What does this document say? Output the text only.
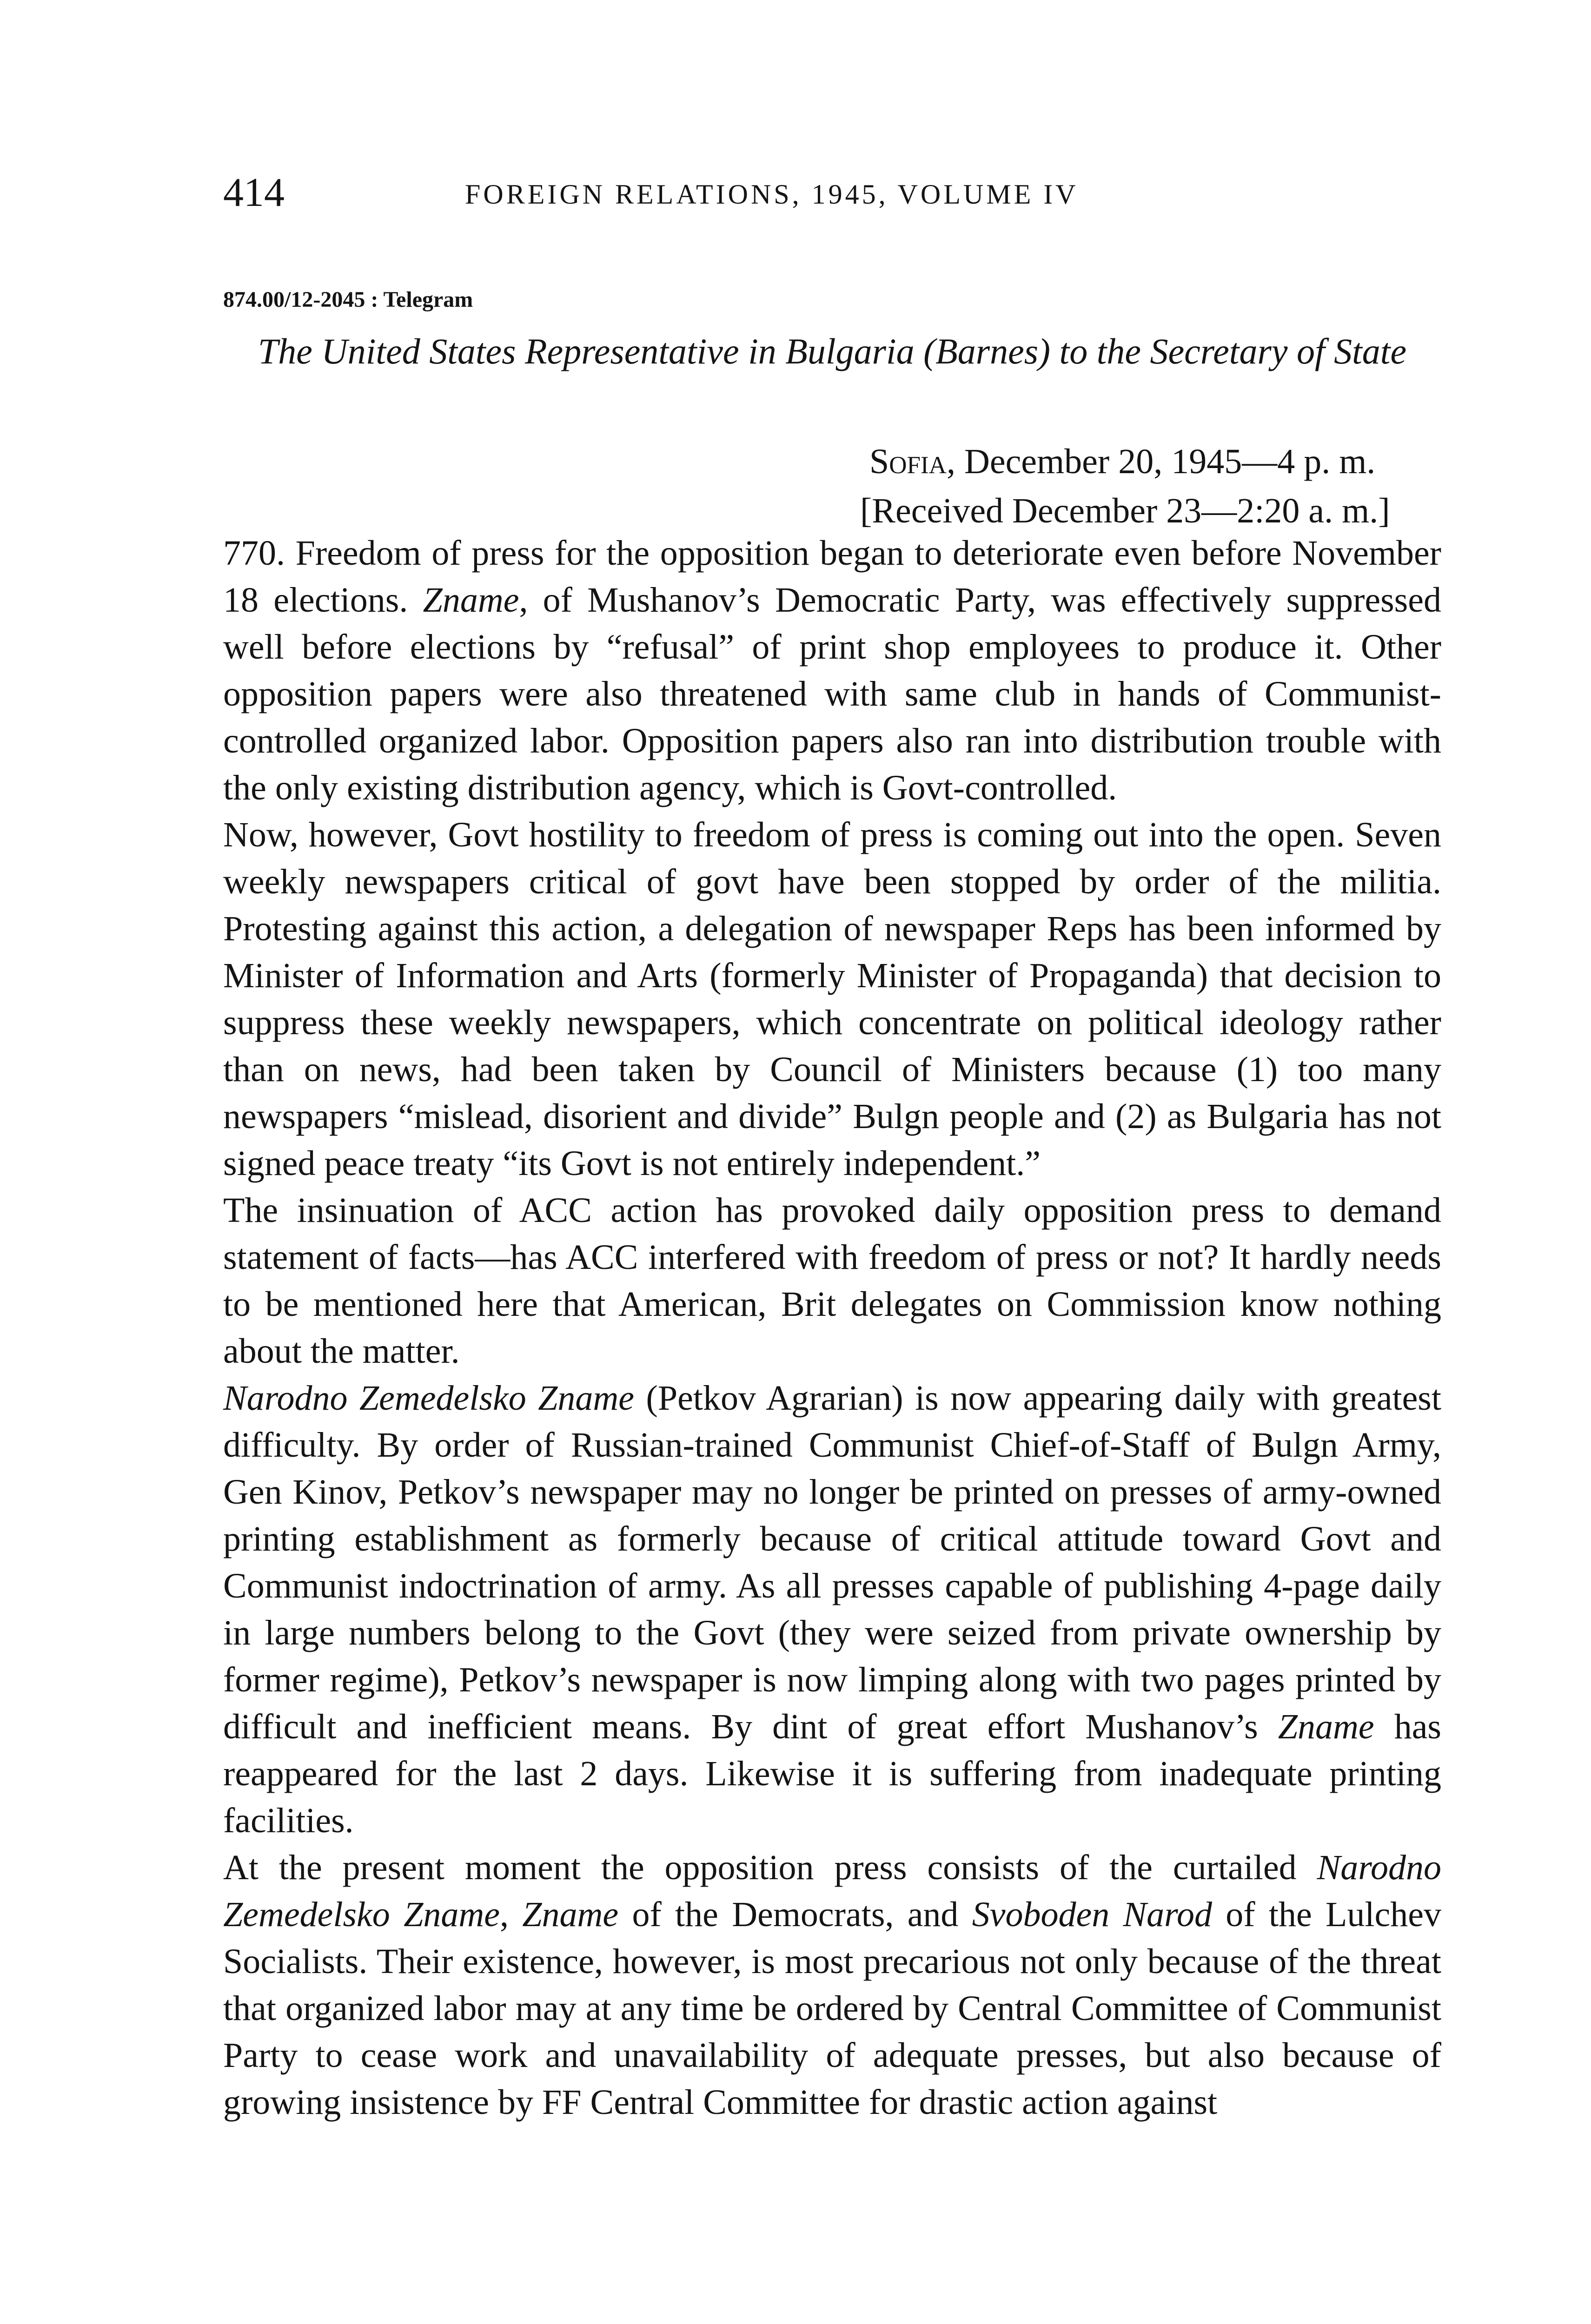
414	FOREIGN RELATIONS, 1945, VOLUME IV
874.00/12-2045 : Telegram
The United States Representative in Bulgaria (Barnes) to the Secretary of State
Sofia, December 20, 1945—4 p. m.
[Received December 23—2:20 a. m.]

770. Freedom of press for the opposition began to deteriorate even before November 18 elections. Zname, of Mushanov’s Democratic Party, was effectively suppressed well before elections by “refusal” of print shop employees to produce it. Other opposition papers were also threatened with same club in hands of Communist-controlled organized labor. Opposition papers also ran into distribution trouble with the only existing distribution agency, which is Govt-controlled.

Now, however, Govt hostility to freedom of press is coming out into the open. Seven weekly newspapers critical of govt have been stopped by order of the militia. Protesting against this action, a delegation of newspaper Reps has been informed by Minister of Information and Arts (formerly Minister of Propaganda) that decision to suppress these weekly newspapers, which concentrate on political ideology rather than on news, had been taken by Council of Ministers because (1) too many newspapers “mislead, disorient and divide” Bulgn people and (2) as Bulgaria has not signed peace treaty “its Govt is not entirely independent.”

The insinuation of ACC action has provoked daily opposition press to demand statement of facts—has ACC interfered with freedom of press or not? It hardly needs to be mentioned here that American, Brit delegates on Commission know nothing about the matter.

Narodno Zemedelsko Zname (Petkov Agrarian) is now appearing daily with greatest difficulty. By order of Russian-trained Communist Chief-of-Staff of Bulgn Army, Gen Kinov, Petkov’s newspaper may no longer be printed on presses of army-owned printing establishment as formerly because of critical attitude toward Govt and Communist indoctrination of army. As all presses capable of publishing 4-page daily in large numbers belong to the Govt (they were seized from private ownership by former regime), Petkov’s newspaper is now limping along with two pages printed by difficult and inefficient means. By dint of great effort Mushanov’s Zname has reappeared for the last 2 days. Likewise it is suffering from inadequate printing facilities.

At the present moment the opposition press consists of the curtailed Narodno Zemedelsko Zname, Zname of the Democrats, and Svoboden Narod of the Lulchev Socialists. Their existence, however, is most precarious not only because of the threat that organized labor may at any time be ordered by Central Committee of Communist Party to cease work and unavailability of adequate presses, but also because of growing insistence by FF Central Committee for drastic action against
